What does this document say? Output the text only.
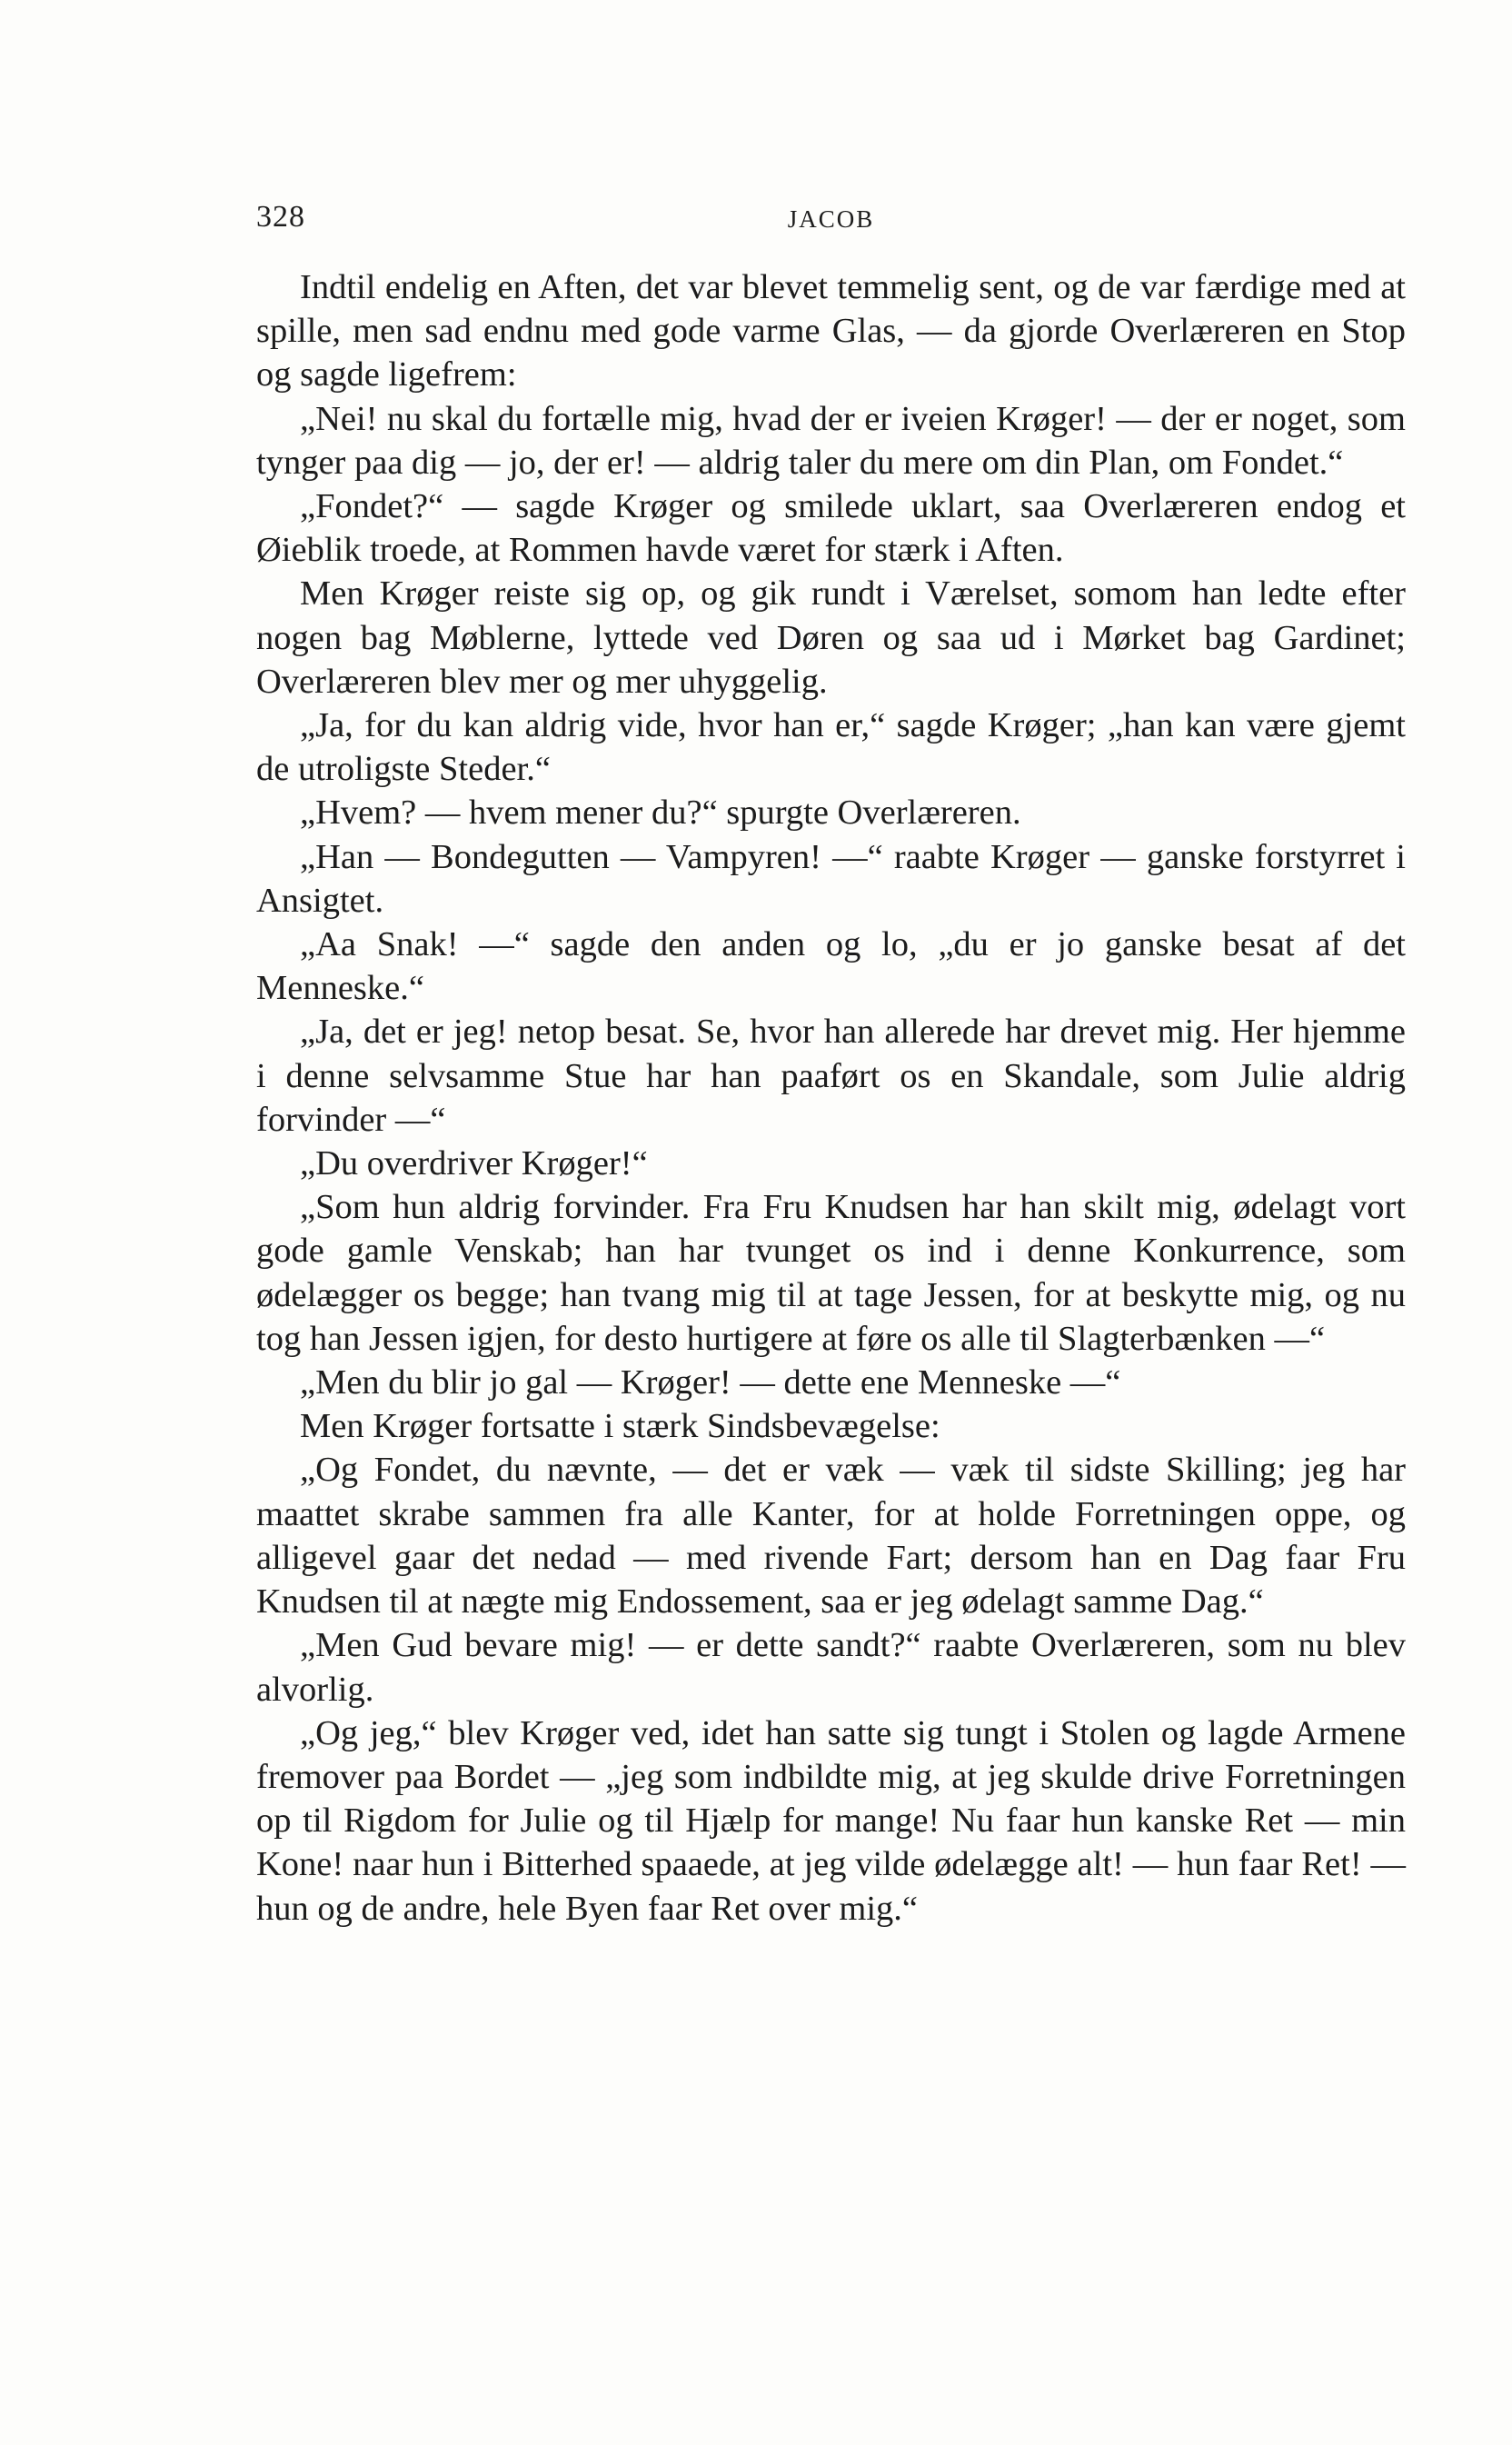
328	JACOB

Indtil endelig en Aften, det var blevet temmelig sent, og de var færdige med at spille, men sad endnu med gode varme Glas, — da gjorde Overlæreren en Stop og sagde ligefrem:

„Nei! nu skal du fortælle mig, hvad der er iveien Krøger! — der er noget, som tynger paa dig — jo, der er! — aldrig taler du mere om din Plan, om Fondet.“

„Fondet?“ — sagde Krøger og smilede uklart, saa Overlæreren endog et Øieblik troede, at Rommen havde været for stærk i Aften.

Men Krøger reiste sig op, og gik rundt i Værelset, somom han ledte efter nogen bag Møblerne, lyttede ved Døren og saa ud i Mørket bag Gardinet; Overlæreren blev mer og mer uhyggelig.

„Ja, for du kan aldrig vide, hvor han er,“ sagde Krøger; „han kan være gjemt de utroligste Steder.“

„Hvem? — hvem mener du?“ spurgte Overlæreren.

„Han — Bondegutten — Vampyren! —“ raabte Krøger — ganske forstyrret i Ansigtet.

„Aa Snak! —“ sagde den anden og lo, „du er jo ganske besat af det Menneske.“

„Ja, det er jeg! netop besat. Se, hvor han allerede har drevet mig. Her hjemme i denne selvsamme Stue har han paaført os en Skandale, som Julie aldrig forvinder —“

„Du overdriver Krøger!“

„Som hun aldrig forvinder. Fra Fru Knudsen har han skilt mig, ødelagt vort gode gamle Venskab; han har tvunget os ind i denne Konkurrence, som ødelægger os begge; han tvang mig til at tage Jessen, for at beskytte mig, og nu tog han Jessen igjen, for desto hurtigere at føre os alle til Slagterbænken —“

„Men du blir jo gal — Krøger! — dette ene Menneske —“

Men Krøger fortsatte i stærk Sindsbevægelse:

„Og Fondet, du nævnte, — det er væk — væk til sidste Skilling; jeg har maattet skrabe sammen fra alle Kanter, for at holde Forretningen oppe, og alligevel gaar det nedad — med rivende Fart; dersom han en Dag faar Fru Knudsen til at nægte mig Endossement, saa er jeg ødelagt samme Dag.“

„Men Gud bevare mig! — er dette sandt?“ raabte Overlæreren, som nu blev alvorlig.

„Og jeg,“ blev Krøger ved, idet han satte sig tungt i Stolen og lagde Armene fremover paa Bordet — „jeg som indbildte mig, at jeg skulde drive Forretningen op til Rigdom for Julie og til Hjælp for mange! Nu faar hun kanske Ret — min Kone! naar hun i Bitterhed spaaede, at jeg vilde ødelægge alt! — hun faar Ret! — hun og de andre, hele Byen faar Ret over mig.“
